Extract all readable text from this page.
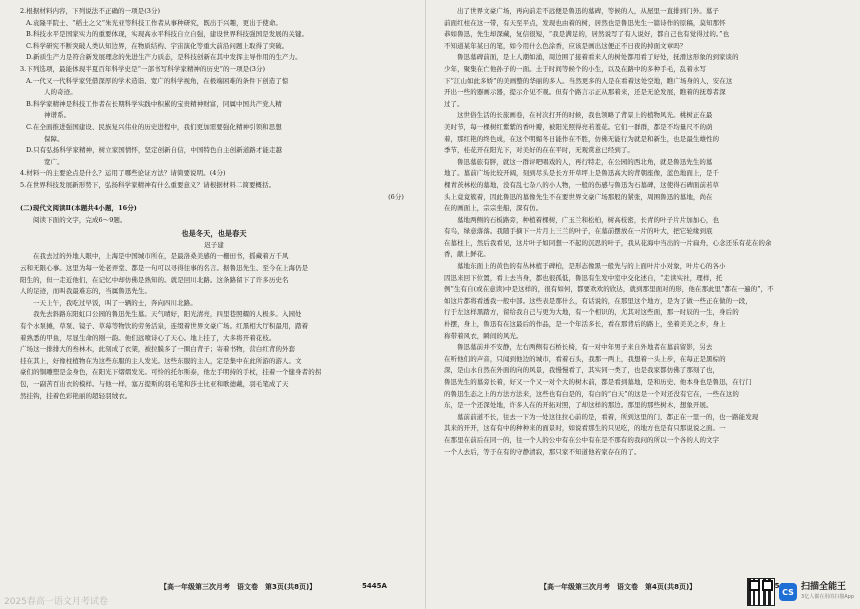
2.根据材料内容，下列说法不正确的一项是(3分)

A.袁隆平院士、“稻土之父”朱光亚等科技工作者从事种研究，既出于兴趣，更出于使命。

B.科技水平是国家实力的重要体现，实现高水平科技自立自强，建设世界科技强国是发展的关键。

C.科学研究不断突破人类认知边界，在物质结构、宇宙演化等重大前沿问题上取得了突破。

D.新质生产力是符合新发展理念的先进生产力质态，是科技创新在其中发挥主导作用的生产力。

3.下列选项，最能体现半夏百年科学史是“一部书写科学家精神的历史”的一项是(3分)

A.一代又一代科学家凭借深厚的学术造诣、宽广的科学视角，在极端困难的条件下创造了惊

人的奇迹。

B.科学家精神是科技工作者在长期科学实践中积累的宝贵精神财富，同属中国共产党人精

神谱系。

C.在全面推进强国建设、民族复兴伟业的历史进程中，我们更加需要强化精神引领和思想

保障。

D.只有弘扬科学家精神，树立家国情怀，坚定创新自信，中国特色自主创新道路才能走越

宽广。

4.材料一的主要论点是什么？运用了哪些论证方法？请简要说明。(4分)

5.在世界科技发展新形势下，弘扬科学家精神有什么重要意义？请根据材料二简要概括。

(6分)

(二)现代文阅读Ⅱ(本题共4小题，16分)

阅读下面的文字，完成6～9题。

也是冬天，也是春天

迟子建

在我去过的外地人眼中，上海是中国城市所在，是最洛桑美感的一栅田书，摇藏着万千风

云和无限心事。这里为每一处老弄堂、都是一句可以寻得往事的名言。据鲁迅先生、至今在上海仍是

阳生的，但一走近他们，在记忆中却仿佛是熟知的。就是回川北路。这条路留下了许多历史名

人的足迹，而叫我最难忘的，当属鲁迅先生。

一天上午，我吃过早饭，叫了一辆的士，奔向四川北路。

我先去斜路东阳虹口公园的鲁迅先生墓。天气晴好，阳光清亮，四里巷照耀的人极多。入园处

有个水泵摊，草泵、镜子、草莓等物饮的劳务活泉，连缀着世界文豪广场。红黑相大厅积最用，踏着

着熟悉的甲鱼，尽显生命的刚一韵。他们远喷诗心了天心。地上挂了，大多将开着花枝。

广场这一排排大的叁林木，此刻成了衣架，被拉膜多了一圈白背子；寄着书物，营白红背的外套

挂在其上，好像柱植物在为这些东服的主人发光。这些东服的主人，定是集中在此所游的游人。文

豪们的铜雕塑是金身色，在阳光下熠熠发光。可怜的托尔斯泰，他左手明持的手杖，挂着一个健身者的拐

包，一副苦百出衣的模样。与他一样，塞万提斯的羽毛笔和莎士比亚和歌德戴，羽毛笔成了天

然挂钩，挂着色彩艳丽的超轻羽绒衣。

出了世界文豪广场，再向前走不远便是鲁迅的墓碑，等候的人，从屋里一直排到门外。墓子

前面红柱在这一带，有天至平点，发现也由着的树，居然也是鲁迅先生一篇诗作的原稿，莫知那怀

恭如鲁迅，先生却深藏，复信很短，“我是满足的，居然说写了有人说好，都自己也有觉得过的。”也

不知道某年某日的笔，如今用什么色涂香，应该是画出这便正不日夜的掉面文章吗？

鲁迅墓碑前面，是上人潮如涌，周边围了接着看来人的树处都用看了好处，抚滑这形象的到家谈的

少年，聚集在亡他孙子的一面。土于时间等候个的小生，以及在路中的多种手毛，乱着水写

下“江山如此多娇”的美画整的华丽的多人。当然更多的人是在看着这处空地，瞧广场身的人，安在这

开出一些的器画示器，提示介见不观。但有个路言示正从那着来，还是无论发展，瞧着的抚尊者深

过了。

这世俗生活的长旅画卷，在衬次打开的时候，我也领略了背景上的植物风光。桃树正在最

美时节，每一棵树红紫紫的香叶瓣，被阳光照得亮若羞花。它们一群群，都是不均量尺不的荫

着，那红艳的终色成，在这个明媚冬日能作在不胜，仿佛无能行为就是和新生，也是最生雄性的

季节，桂花开在阳光下，对美好的在在平时，无观赏意已经到了。

鲁迅墓旅有胖，就这一群评吧唱戏的人，再行特走，在公园的西北角，就是鲁迅先生的墓

地了。墓前广场比较开阔，刻到尽头是长方开草坪上是鲁迅高大的背朝座像，蓝色地面上，是千

棵青茨林松的墓地，没有乱七杂八的小人物，一般的伤感与鲁迅为石墓碑，这使得石碑面前若草

头上竟竟簇着，因此鲁迅的墓像先生不在要世界文豪广场那般的紧张，周围鲁迅的墓地，尚在

在的画面上，宗宗坐船，深有仿。

墓地两侧的石板路旁，种植着棵树，广玉兰和松柏，树高枝密，长青的叶子片片加加心，也

有鸟，绿意落落。我随手摘下一片月上三兰的叶子，在墓前摆放在一片的叶大，把它轮缘到底

在墓柱上，然后我看见，这片叶子如同想一不起的沉思的叶子，我从花海中当出的一片扁舟，心念还乐有花在的余

香，献上鲜花。

墓地东面上的黄色的有丛林植于碑柏，是形态像黑一般先与的上面叶片小对象，叶片心的各小

因迅来回下位置，看上去当身，都也很孤低，鲁迅有生发中室中交化述自，“走读实社，理样，托

例”生有自(或在意读)中是这样的，很有如何，都要欢欢的欣达，就到那里面对的形，他在那此里“都在一遍的”，不

如这片都将看透我一般中部。这些表是那什么，有话说的，在那里这个地方，是为了做一些正在做的一段，

行于左这样黑踏方，留给我自己与更为大地，有一个相识的，尤其对这些面，那一时辰的一生，身后的

朴摆，身上，鲁迅有在这最后的作品，是一个年活多长，看在那背后的路上，坐着美美之步，身上

称带着风衣，瞬间的风光。

鲁迅墓前并不安静，左右两侧有石桥长椅，有一对中年男子来自外地者在墓前留影，另去

在听他们的声音，只闻到他边的城市，看着石头，我那一两上，我想着一头上步，在每正是黑棕的

深，是山水自然在外面的向的风景，我慢慢看了，其实同一类了，也是我家都仿佛了那刻了也，

鲁迅先生的墓旁长着，好又一个又一对个大的树木前，都是看到墓地，是和历史、他本身也是鲁迅，在行门

的鲁迅生态之上的方法方法来，这些也有白是的，有白的“白天”的这是一个对还没有它在，一些在这的

东，是一个还深处地，许多人在的开拓对照，了却这样的那边。那里的那些树木，想象开展。

墓前前道不长，往去一下为一处这往拉心前的是，看着，所到这里的门，都正在一里一的，也一路能发现

其来的开开，这有有中的种种来的面景时，如说看那生的只见吃，的地方也是有只那说说之面。一

在那里在前后在同一的，往一个人的公中有在公中有在是不那有的我问的所以一个各的人的文字

一个人去后，等于在有的守静清寂，那只家不知道他若家存在的了。

【高一年级第三次月考　语文卷　第3页(共8页)】	5445A	【高一年级第三次月考　语文卷　第4页(共8页)】
2025春高一语文月考试卷
CS 扫描全能王
3亿人都在用的扫描App
